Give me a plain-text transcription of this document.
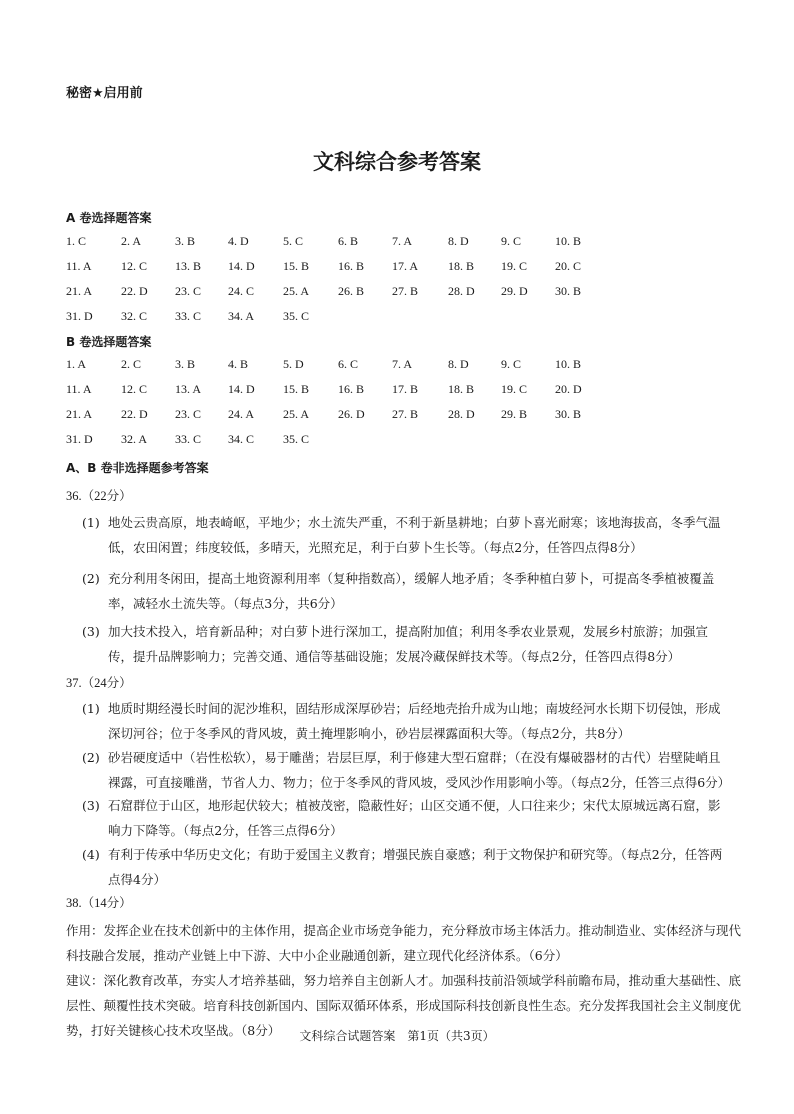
秘密★启用前
文科综合参考答案
A 卷选择题答案
1. C	2. A	3. B	4. D	5. C	6. B	7. A	8. D	9. C	10. B
11. A 12. C 13. B 14. D 15. B 16. B 17. A 18. B 19. C 20. C
21. A 22. D 23. C 24. C 25. A 26. B 27. B 28. D 29. D 30. B
31. D 32. C 33. C 34. A 35. C
B 卷选择题答案
1. A	2. C	3. B	4. B	5. D	6. C	7. A	8. D	9. C	10. B
11. A 12. C 13. A 14. D 15. B 16. B 17. B 18. B 19. C 20. D
21. A 22. D 23. C 24. A 25. A 26. D 27. B 28. D 29. B 30. B
31. D 32. A 33. C 34. C 35. C
A、B 卷非选择题参考答案
36.（22分）
(1) 地处云贵高原，地表崎岖，平地少；水土流失严重，不利于新垦耕地；白萝卜喜光耐寒；该地海拔高，冬季气温低，农田闲置；纬度较低，多晴天，光照充足，利于白萝卜生长等。（每点2分，任答四点得8分）
(2) 充分利用冬闲田，提高土地资源利用率（复种指数高），缓解人地矛盾；冬季种植白萝卜，可提高冬季植被覆盖率，减轻水土流失等。（每点3分，共6分）
(3) 加大技术投入，培育新品种；对白萝卜进行深加工，提高附加值；利用冬季农业景观，发展乡村旅游；加强宣传，提升品牌影响力；完善交通、通信等基础设施；发展冷藏保鲜技术等。（每点2分，任答四点得8分）
37.（24分）
(1) 地质时期经漫长时间的泥沙堆积，固结形成深厚砂岩；后经地壳抬升成为山地；南坡经河水长期下切侵蚀，形成深切河谷；位于冬季风的背风坡，黄土掩埋影响小，砂岩层裸露面积大等。（每点2分，共8分）
(2) 砂岩硬度适中（岩性松软），易于雕凿；岩层巨厚，利于修建大型石窟群；（在没有爆破器材的古代）岩壁陡峭且裸露，可直接雕凿，节省人力、物力；位于冬季风的背风坡，受风沙作用影响小等。（每点2分，任答三点得6分）
(3) 石窟群位于山区，地形起伏较大；植被茂密，隐蔽性好；山区交通不便，人口往来少；宋代太原城远离石窟，影响力下降等。（每点2分，任答三点得6分）
(4) 有利于传承中华历史文化；有助于爱国主义教育；增强民族自豪感；利于文物保护和研究等。（每点2分，任答两点得4分）
38.（14分）
作用：发挥企业在技术创新中的主体作用，提高企业市场竞争能力，充分释放市场主体活力。推动制造业、实体经济与现代科技融合发展，推动产业链上中下游、大中小企业融通创新，建立现代化经济体系。（6分）
建议：深化教育改革，夯实人才培养基础，努力培养自主创新人才。加强科技前沿领域学科前瞻布局，推动重大基础性、底层性、颠覆性技术突破。培育科技创新国内、国际双循环体系，形成国际科技创新良性生态。充分发挥我国社会主义制度优势，打好关键核心技术攻坚战。（8分）	文科综合试题答案　第1页（共3页）
